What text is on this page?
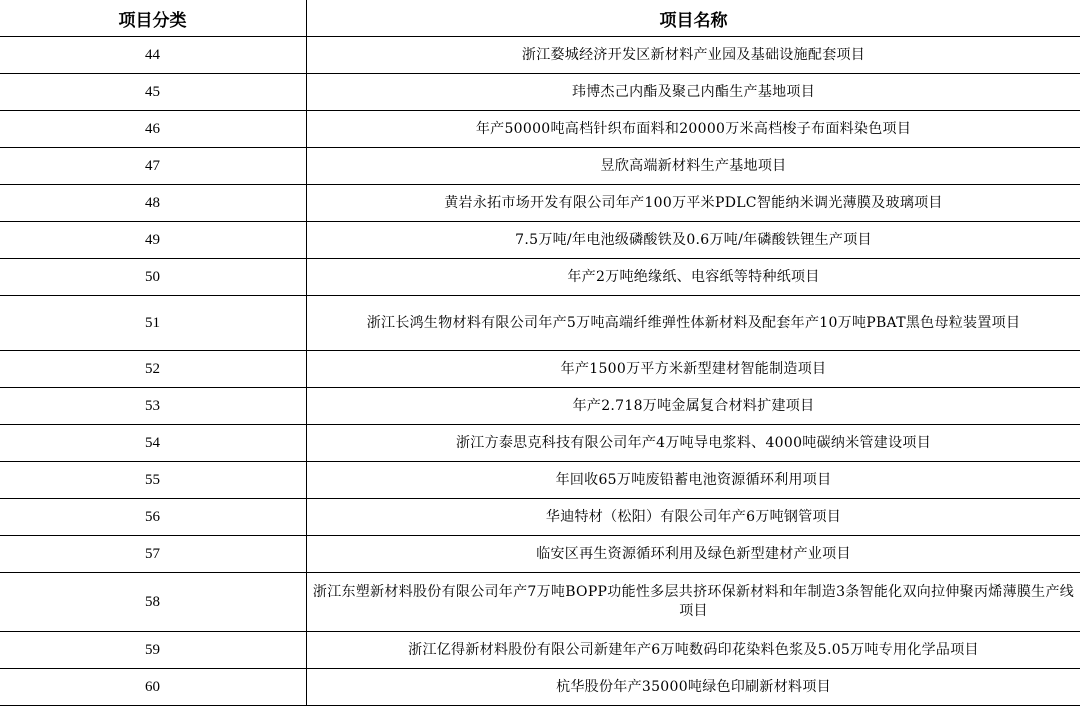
项目分类	项目名称
44	浙江婺城经济开发区新材料产业园及基础设施配套项目
45	玮博杰己内酯及聚己内酯生产基地项目
46	年产50000吨高档针织布面料和20000万米高档梭子布面料染色项目
47	昱欣高端新材料生产基地项目
48	黄岩永拓市场开发有限公司年产100万平米PDLC智能纳米调光薄膜及玻璃项目
49	7.5万吨/年电池级磷酸铁及0.6万吨/年磷酸铁锂生产项目
50	年产2万吨绝缘纸、电容纸等特种纸项目
51	浙江长鸿生物材料有限公司年产5万吨高端纤维弹性体新材料及配套年产10万吨PBAT黑色母粒装置项目
52	年产1500万平方米新型建材智能制造项目
53	年产2.718万吨金属复合材料扩建项目
54	浙江方泰思克科技有限公司年产4万吨导电浆料、4000吨碳纳米管建设项目
55	年回收65万吨废铅蓄电池资源循环利用项目
56	华迪特材（松阳）有限公司年产6万吨钢管项目
57	临安区再生资源循环利用及绿色新型建材产业项目
58	浙江东塑新材料股份有限公司年产7万吨BOPP功能性多层共挤环保新材料和年制造3条智能化双向拉伸聚丙烯薄膜生产线项目
59	浙江亿得新材料股份有限公司新建年产6万吨数码印花染料色浆及5.05万吨专用化学品项目
60	杭华股份年产35000吨绿色印刷新材料项目
